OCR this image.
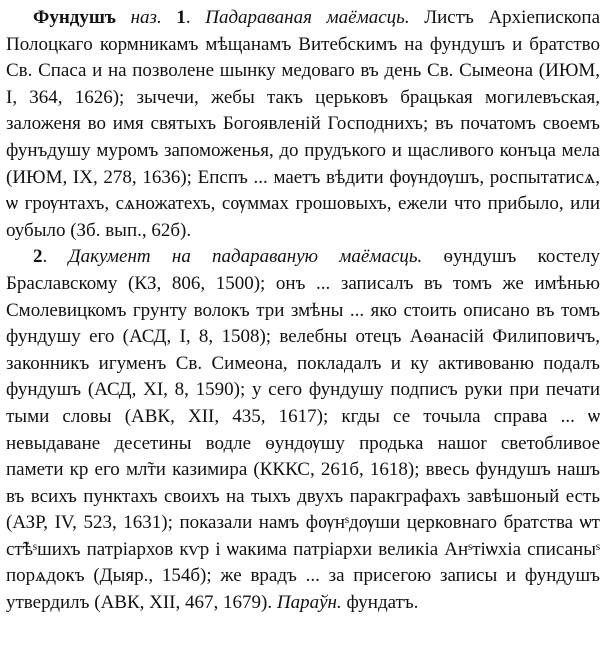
Фундушъ наз. 1. Падараваная маёмасць. Листъ Архіепископа Полоцкагo кормникамъ мѣщанамъ Витебскимъ на фундушъ и братство Св. Спаса и на позволене шынку медоваго въ день Св. Сымеона (ИЮМ, I, 364, 1626); зычечи, жебы такъ церьковъ брацькая могилевъская, заложеня во имя святыхъ Богоявленій Господнихъ; въ початомъ своемъ фунъдушу муромъ запоможенья, до прудъкого и щасливого конъца мела (ИЮМ, IX, 278, 1636); Епспъ ... маетъ вѣдити фѹндѹшъ, роспытатисѧ, ѡ грѹнтахъ, сѧножатехъ, сѹммах грошовыхъ, ежели что прибыло, или оубыло (Зб. вып., 62б).

2. Дакумент на падараваную маёмасць. ѳундушъ костелу Браславскому (КЗ, 806, 1500); онъ ... записалъ въ томъ же имѣнью Смолевицкомъ грунту волокъ три змѣны ... яко стоить описано въ томъ фундушу его (АСД, I, 8, 1508); велебны отецъ Аѳанасій Филиповичъ, законникъ игуменъ Св. Симеона, покладалъ и ку активованю подалъ фундушъ (АСД, XI, 8, 1590); у сего фундушу подписъ руки при печати тыми словы (АВК, XII, 435, 1617); кгды се точыла справа ... ѡ невыдаване десетины водле ѳундѹшу продька нашоr светобливое памети кр его мл̃ти казимира (КККС, 261б, 1618); ввесь фундушъ нашъ въ всихъ пунктахъ своихъ на тыхъ двухъ паракграфахъ завѣшоный есть (АЗР, IV, 523, 1631); показали намъ фѹнˢдѹши цeрковнаго братства ѡт ст̃ѣˢшихъ патріархов кѵр і ѡакима патріархи великіа Анˢтіѡхіа списаныˢ порѧдокъ (Дыяр., 154б); же врадъ ... за присегою записы и фундушъ утвердилъ (АВК, XII, 467, 1679). Параўн. фундатъ.
